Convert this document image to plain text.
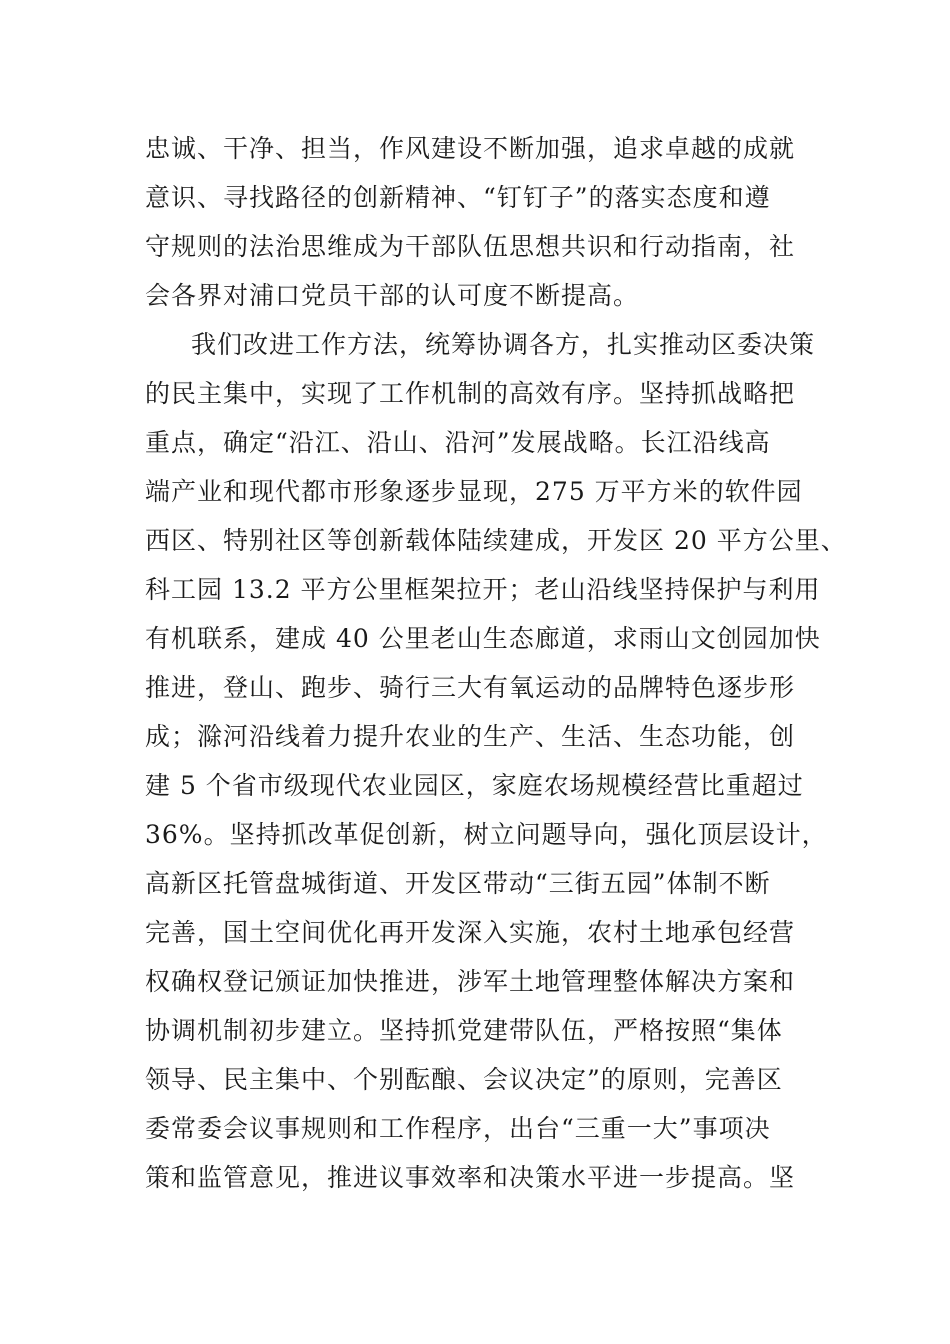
忠诚、干净、担当，作风建设不断加强，追求卓越的成就
意识、寻找路径的创新精神、“钉钉子”的落实态度和遵
守规则的法治思维成为干部队伍思想共识和行动指南，社
会各界对浦口党员干部的认可度不断提高。
我们改进工作方法，统筹协调各方，扎实推动区委决策
的民主集中，实现了工作机制的高效有序。坚持抓战略把
重点，确定“沿江、沿山、沿河”发展战略。长江沿线高
端产业和现代都市形象逐步显现，275 万平方米的软件园
西区、特别社区等创新载体陆续建成，开发区 20 平方公里、
科工园 13.2 平方公里框架拉开；老山沿线坚持保护与利用
有机联系，建成 40 公里老山生态廊道，求雨山文创园加快
推进，登山、跑步、骑行三大有氧运动的品牌特色逐步形
成；滁河沿线着力提升农业的生产、生活、生态功能，创
建 5 个省市级现代农业园区，家庭农场规模经营比重超过
36%。坚持抓改革促创新，树立问题导向，强化顶层设计，
高新区托管盘城街道、开发区带动“三街五园”体制不断
完善，国土空间优化再开发深入实施，农村土地承包经营
权确权登记颁证加快推进，涉军土地管理整体解决方案和
协调机制初步建立。坚持抓党建带队伍，严格按照“集体
领导、民主集中、个别酝酿、会议决定”的原则，完善区
委常委会议事规则和工作程序，出台“三重一大”事项决
策和监管意见，推进议事效率和决策水平进一步提高。坚
